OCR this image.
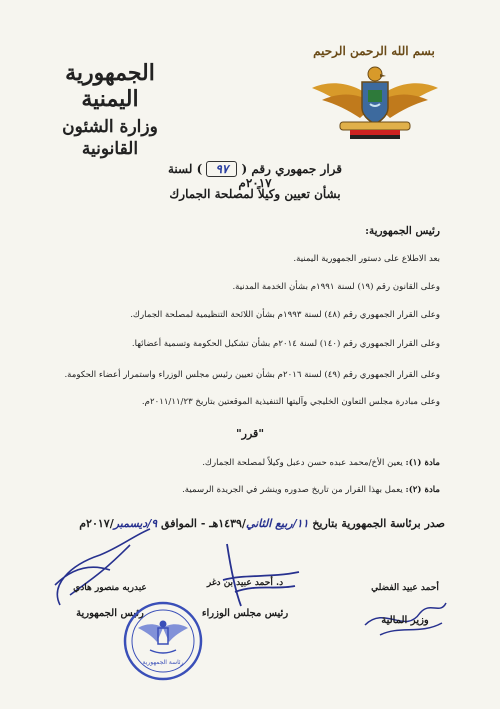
بسم الله الرحمن الرحيم
الجمهورية اليمنية
وزارة الشئون القانونية
قرار جمهوري رقم ( ٩٧ ) لسنة ٢٠١٧م
بشأن تعيين وكيلاً لمصلحة الجمارك
رئيس الجمهورية:
بعد الاطلاع على دستور الجمهورية اليمنية.
وعلى القانون رقم (١٩) لسنة ١٩٩١م بشأن الخدمة المدنية.
وعلى القرار الجمهوري رقم (٤٨) لسنة ١٩٩٣م بشأن اللائحة التنظيمية لمصلحة الجمارك.
وعلى القرار الجمهوري رقم (١٤٠) لسنة ٢٠١٤م بشأن تشكيل الحكومة وتسمية أعضائها.
وعلى القرار الجمهوري رقم (٤٩) لسنة ٢٠١٦م بشأن تعيين رئيس مجلس الوزراء واستمرار أعضاء الحكومة.
وعلى مبادرة مجلس التعاون الخليجي وآليتها التنفيذية الموقعتين بتاريخ ٢٠١١/١١/٢٣م.
"قرر"
مادة (١): يعين الأخ/محمد عبده حسن دعبل وكيلاً لمصلحة الجمارك.
مادة (٢): يعمل بهذا القرار من تاريخ صدوره وينشر في الجريدة الرسمية.
صدر برئاسة الجمهورية بتاريخ ١١/ربيع الثاني/١٤٣٩هـ - الموافق ٩/ديسمبر/٢٠١٧م
عبدربه منصور هادي
رئيس الجمهورية
د. أحمد عبيد بن دغر
رئيس مجلس الوزراء
أحمد عبيد الفضلي
وزير المالية
رئاسة الجمهورية
